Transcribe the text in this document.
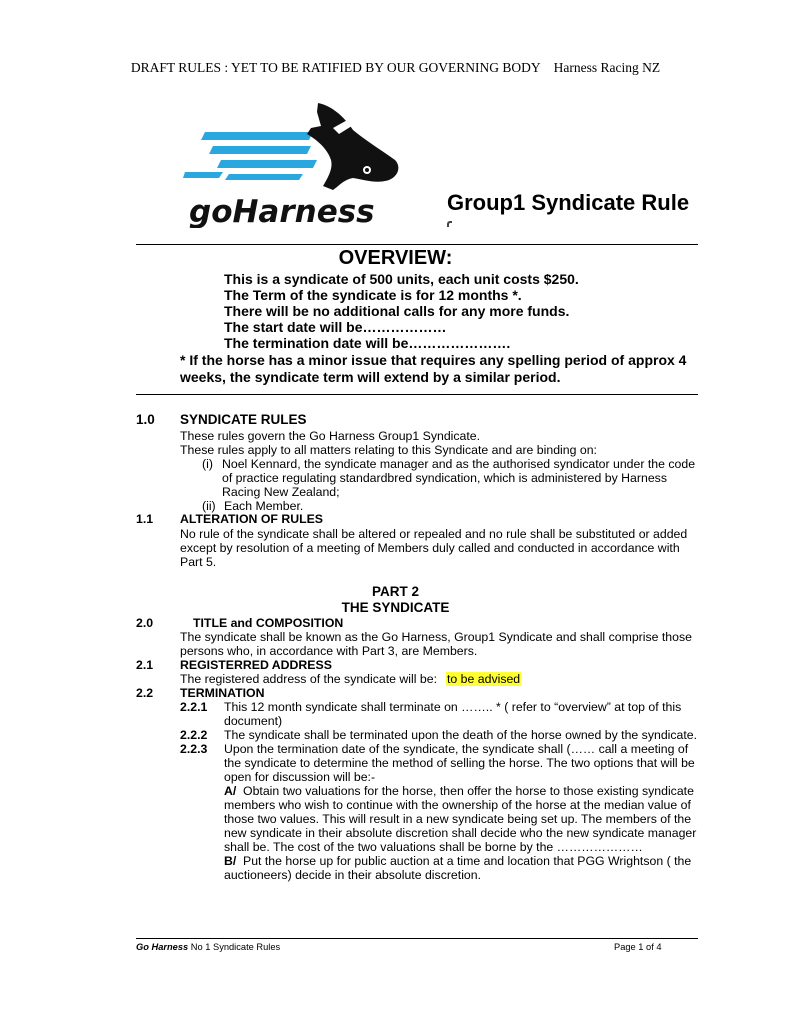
DRAFT RULES : YET TO BE RATIFIED BY OUR GOVERNING BODY    Harness Racing NZ
goHarness	Group1 Syndicate Rule
OVERVIEW:
This is a syndicate of 500 units, each unit costs $250.
The Term of the syndicate is for 12 months *.
There will be no additional calls for any more funds.
The start date will be………………
The termination date will be………………….
* If the horse has a minor issue that requires any spelling period of approx 4
weeks, the syndicate term will extend by a similar period.
1.0 SYNDICATE RULES
These rules govern the Go Harness Group1 Syndicate.
These rules apply to all matters relating to this Syndicate and are binding on:
(i) Noel Kennard, the syndicate manager and as the authorised syndicator under the code
of practice regulating standardbred syndication, which is administered by Harness
Racing New Zealand;
(ii) Each Member.
1.1 ALTERATION OF RULES
No rule of the syndicate shall be altered or repealed and no rule shall be substituted or added
except by resolution of a meeting of Members duly called and conducted in accordance with
Part 5.
PART 2
THE SYNDICATE
2.0	TITLE and COMPOSITION
The syndicate shall be known as the Go Harness, Group1 Syndicate and shall comprise those
persons who, in accordance with Part 3, are Members.
2.1 REGISTERRED ADDRESS
The registered address of the syndicate will be: to be advised
2.2 TERMINATION
2.2.1 This 12 month syndicate shall terminate on …….. * ( refer to “overview” at top of this
document)
2.2.2 The syndicate shall be terminated upon the death of the horse owned by the syndicate.
2.2.3 Upon the termination date of the syndicate, the syndicate shall (…… call a meeting of
the syndicate to determine the method of selling the horse. The two options that will be
open for discussion will be:-
A/ Obtain two valuations for the horse, then offer the horse to those existing syndicate
members who wish to continue with the ownership of the horse at the median value of
those two values. This will result in a new syndicate being set up. The members of the
new syndicate in their absolute discretion shall decide who the new syndicate manager
shall be. The cost of the two valuations shall be borne by the …………………
B/ Put the horse up for public auction at a time and location that PGG Wrightson ( the
auctioneers) decide in their absolute discretion.
Go Harness No 1 Syndicate Rules	Page 1 of 4
